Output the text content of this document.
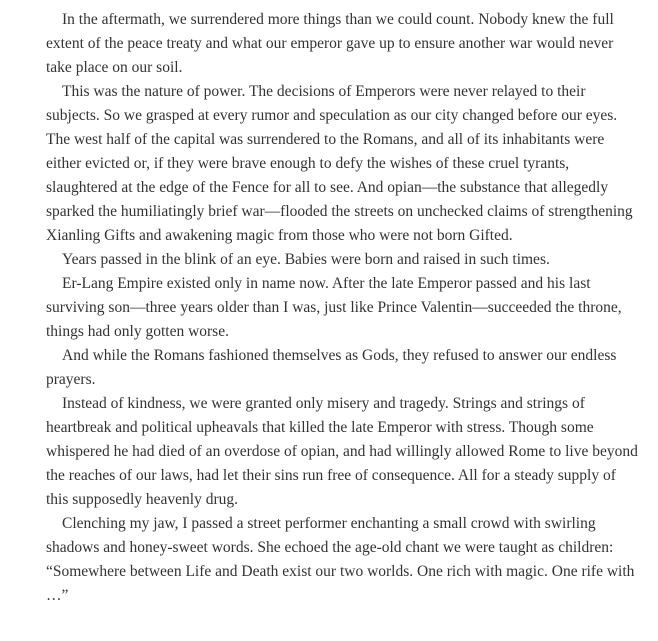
In the aftermath, we surrendered more things than we could count. Nobody knew the full extent of the peace treaty and what our emperor gave up to ensure another war would never take place on our soil.

This was the nature of power. The decisions of Emperors were never relayed to their subjects. So we grasped at every rumor and speculation as our city changed before our eyes. The west half of the capital was surrendered to the Romans, and all of its inhabitants were either evicted or, if they were brave enough to defy the wishes of these cruel tyrants, slaughtered at the edge of the Fence for all to see. And opian—the substance that allegedly sparked the humiliatingly brief war—flooded the streets on unchecked claims of strengthening Xianling Gifts and awakening magic from those who were not born Gifted.

Years passed in the blink of an eye. Babies were born and raised in such times.

Er-Lang Empire existed only in name now. After the late Emperor passed and his last surviving son—three years older than I was, just like Prince Valentin—succeeded the throne, things had only gotten worse.

And while the Romans fashioned themselves as Gods, they refused to answer our endless prayers.

Instead of kindness, we were granted only misery and tragedy. Strings and strings of heartbreak and political upheavals that killed the late Emperor with stress. Though some whispered he had died of an overdose of opian, and had willingly allowed Rome to live beyond the reaches of our laws, had let their sins run free of consequence. All for a steady supply of this supposedly heavenly drug.

Clenching my jaw, I passed a street performer enchanting a small crowd with swirling shadows and honey-sweet words. She echoed the age-old chant we were taught as children: “Somewhere between Life and Death exist our two worlds. One rich with magic. One rife with …”
